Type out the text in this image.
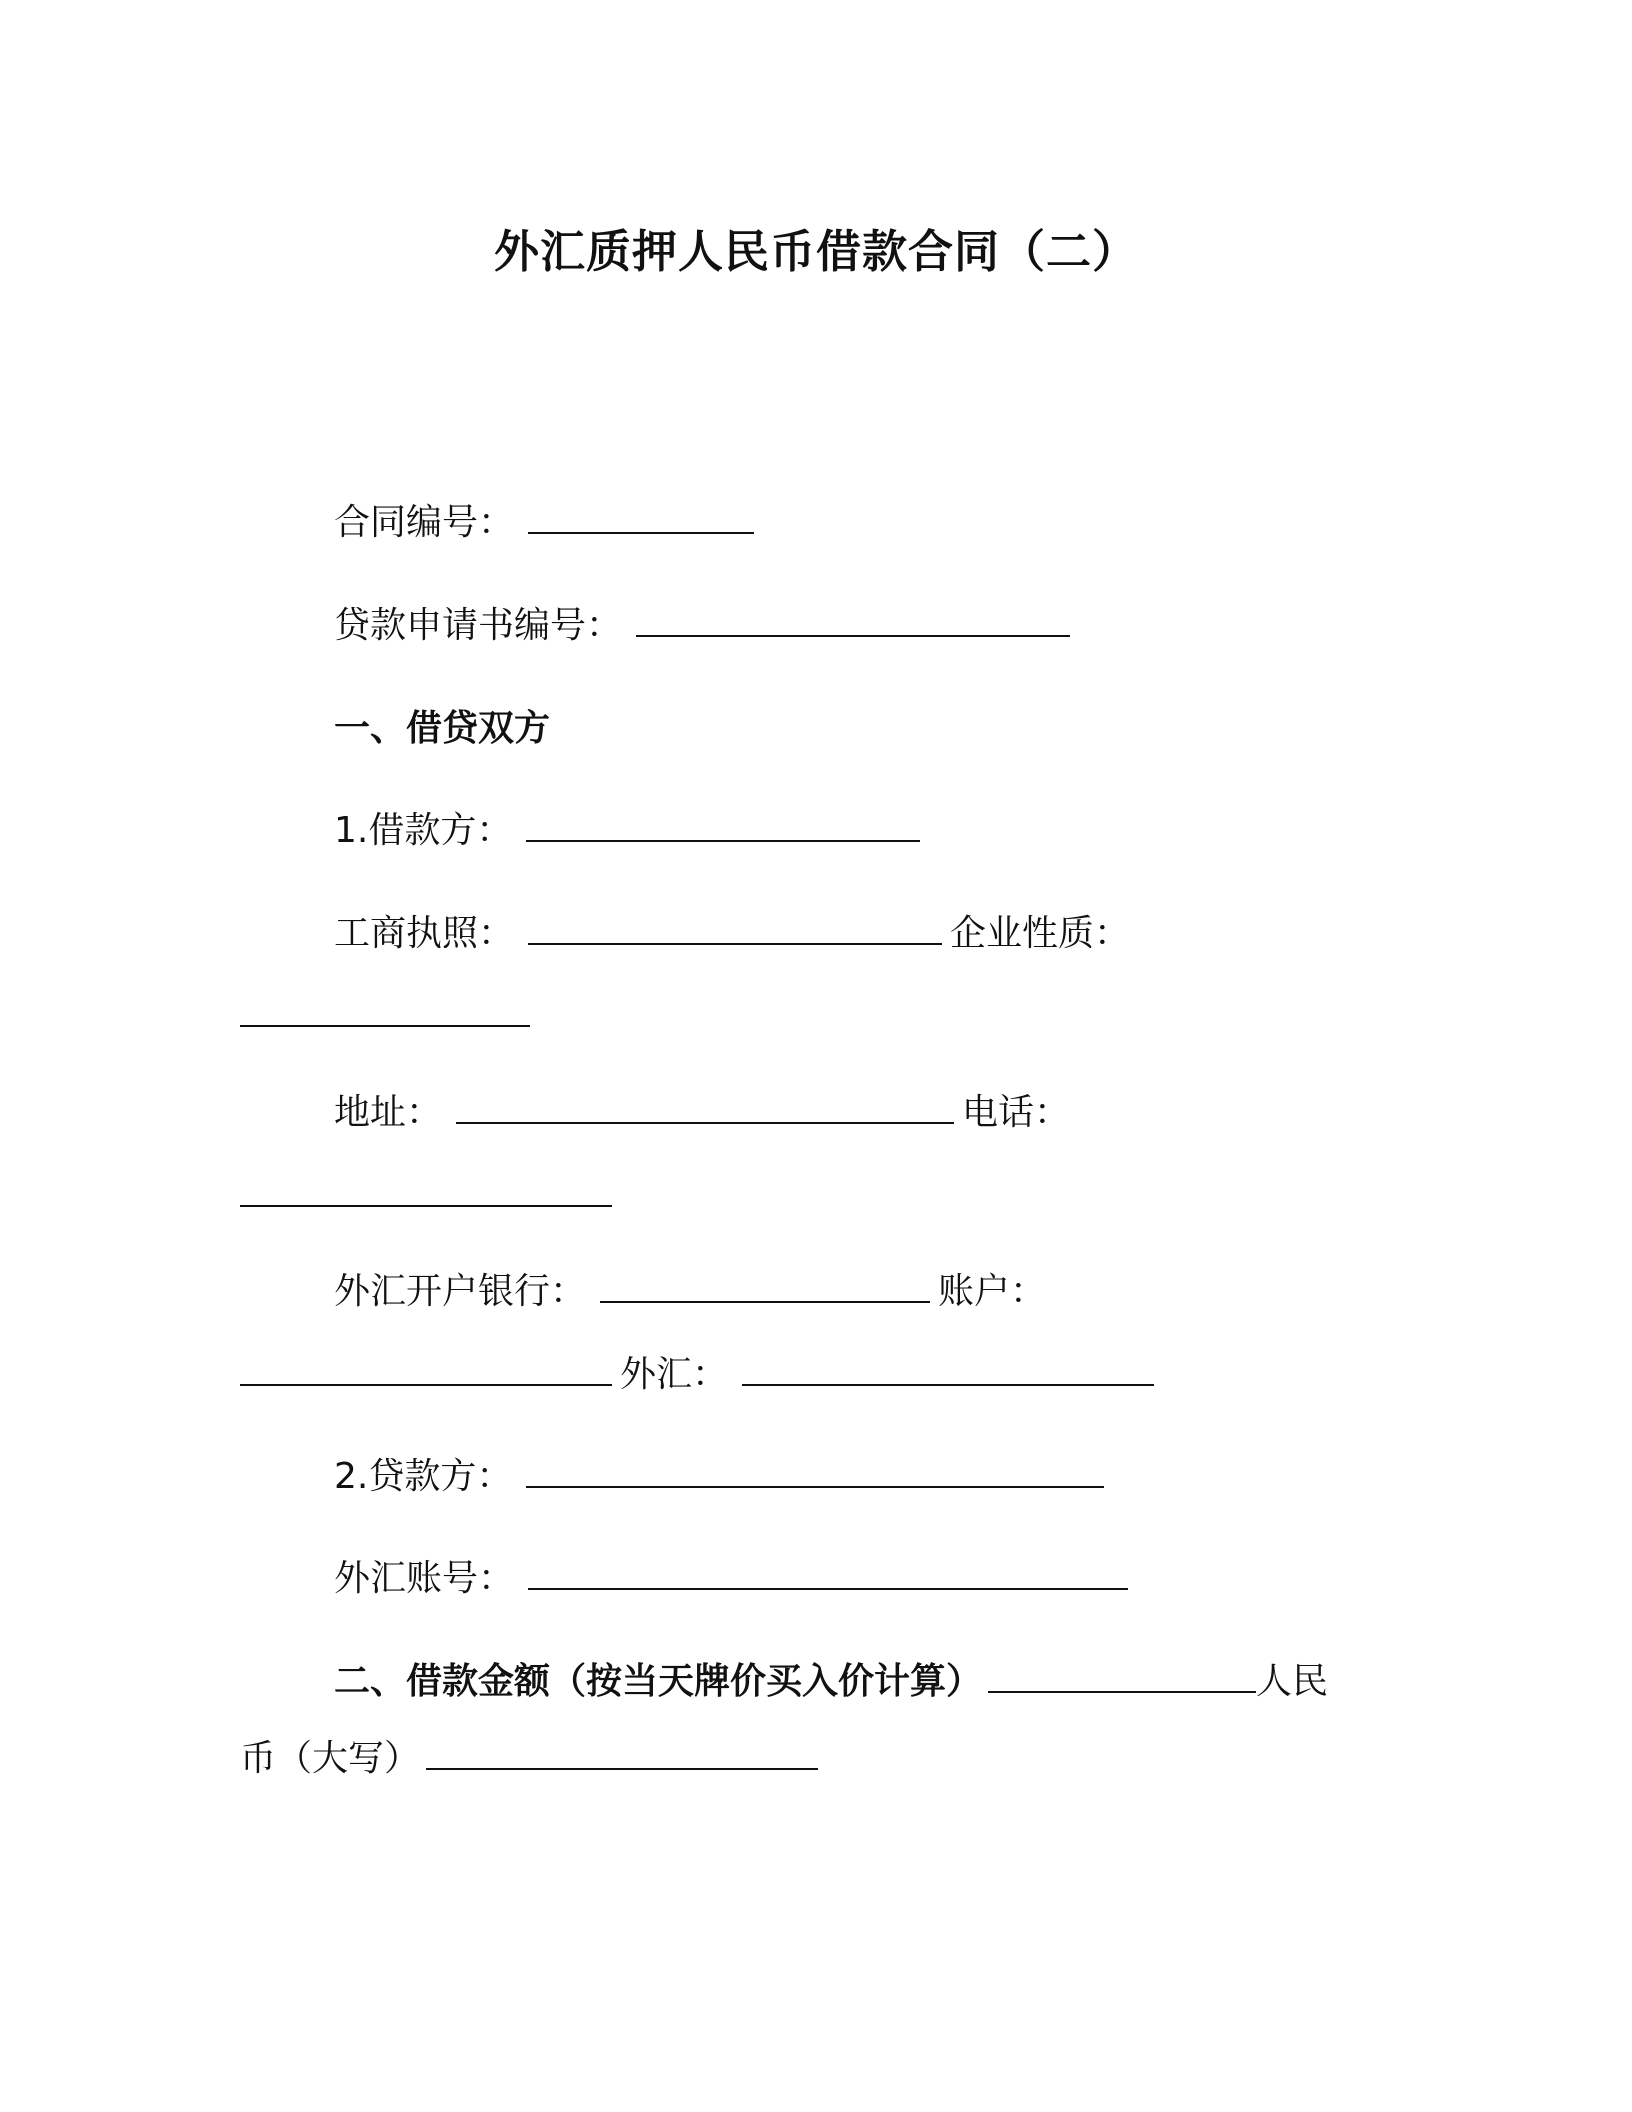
外汇质押人民币借款合同（二）
合同编号：
贷款申请书编号：
一、借贷双方
1.借款方：
工商执照：	企业性质：
地址：	电话：
外汇开户银行：	账户：
外汇：
2.贷款方：
外汇账号：
二、借款金额（按当天牌价买入价计算）	人民
币（大写）
